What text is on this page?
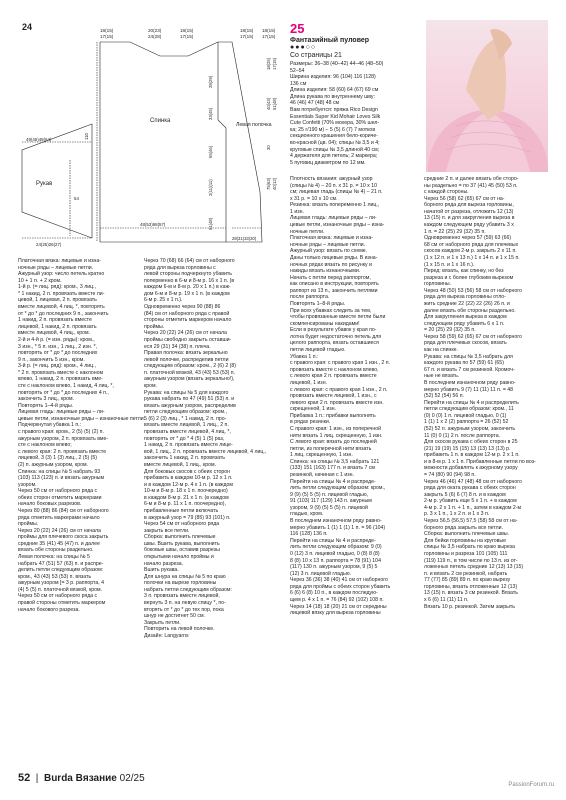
24	18(15)
17(15)
20(23)
24(28)
18(15)
17(15)
18(15)
17(15)
18(15)
17(15)
Рукав
49(46)48(64)
24(25)26(27)
54
Спинка
110
48(53)58(57)
28(29)
33(45)
65(46)
2(11)(11)
51(48)
Левая полочка
28(31)33(30)
18(25) 17(15)
40(43) 51(48)
30
75(63) 40(12)
Платочная вязка: лицевые и изна-
ночные ряды – лицевые петли.
Ажурный узор: число петель кратно
10 + 1 п. + 2 кром.
1-й р. (= лиц. ряд): кром., 3 лиц.,
* 1 накид, 2 п. провязать вместе ли-
цевой, 1 лицевая, 2 п. провязать
вместе лицевой, 4 лиц. *, повторять
от * до * до последних 9 п., закончить
1 накид, 2 п. провязать вместе
лицевой, 1 накид, 2 п. провязать
вместе лицевой, 4 лиц., кром.
2-й и 4-й р. (= изн. ряды): кром.,
3 изн., * 5 п. изн., 1 лиц., 2 изн. *,
повторять от * до * до последних
9 п., закончить 5 изн., кром.
3-й р. (= лиц. ряд): кром., 4 лиц.,
* 2 п. провязать вместе с наклоном
влево, 1 накид, 2 п. провязать вме-
сте с наклоном влево, 1 накид, 4 лиц. *,
повторять от * до * до последних 4 п.,
закончить 3 лиц., кром.
Повторять 1–4-й ряды.
Лицевая гладь: лицевые ряды – ли-
цевые петли, изнаночные ряды – изнаночные петли.
Подчеркнутая убавка 1 п.:
с правого края: кром., 2 (5) (5) (2) п.
ажурным узором, 2 п. провязать вме-
сте с наклоном влево;
с левого края: 2 п. провязать вместе
лицевой, 3 (3) 1 (3) лиц., 2 (5) (5)
(2) п. ажурным узором, кром.
Спинка: на спицы № 5 набрать 93
(103) 113 (123) п. и вязать ажурным
узором.
Через 50 см от наборного ряда с
обеих сторон отметить маркерами
начало боковых разрезов.
Через 80 (88) 86 (84) см от наборного
ряда отметить маркерами начало
проймы.
Через 20 (22) 24 (26) см от начала
проймы для плечевого скоса закрыть
средние 35 (41) 45 (47) п. и далее
вязать обе стороны раздельно.
Левая полочка: на спицы № 5
набрать 47 (51) 57 (63) п. и распре-
делить петли следующим образом:
кром., 43 (43) 53 (53) п. вязать
ажурным узором [= 3 p. раппорта, 4
(4) 5 (5) п. платочной вязкой, кром.
Через 50 см от наборного ряда с
правой стороны отметить маркером
начало бокового разреза.
Через 70 (68) 66 (64) см от наборного
ряда для выреза горловины с
левой стороны подчеркнуто убавить
поперменно в 6-м и 8-м р. 16 х 1 п. (в
каждом 6-м и 8-м р. 20 х 1 п.) в каж-
дом 6-м и 8-м р. 19 х 1 п. (в каждом
6-м р. 25 х 1 п.).
Одновременно через 90 (88) 86
(84) см от наборного ряда с правой
стороны отметить маркером начало
проймы.
Через 20 (22) 24 (26) см от начала
проймы свободно закрыть оставши-
еся 29 (31) 34 (38) п. плеча.
Правая полочка: вязать зеркально
левой полочке, распределив петли
следующим образом: кром., 2 (6) 2 (8)
п. платочной вязкой, 43 (43) 53 (53) п.
ажурным узором (вязать зеркально!),
кром.
Рукава: на спицы № 5 для каждого
рукава набрать по 47 (49) 51 (53) п. и
вязать ажурным узором, распределив
петли следующим образом: кром.,
5 (6) 2 (3) лиц., * 1 накид, 2 п. про-
вязать вместе лицевой, 1 лиц., 2 п.
провязать вместе лицевой, 4 лиц. *,
повторять от * до * 4 (5) 1 (5) раз,
1 накид, 2 п. провязать вместе лице-
вой, 1 лиц., 2 п. провязать вместе лицевой, 4 лиц.,
закончить 1 накид, 2 п. провязать
вместе лицевой, 1 лиц., кром.
Для боковых скосов с обеих сторон
прибавить в каждом 10-м р. 12 х 1 п.
и в каждом 12-м р. 4 х 1 п. (в каждом
10-м и 8-м р. 18 х 1 п. поочередно)
в каждом 8-м р. 21 х 1 п. (в каждом
6-м и 8-м р. 11 х 1 п. поочередно),
прибавленные петли включать
в ажурный узор = 79 (85) 93 (101) п.
Через 54 см от наборного ряда
закрыть все петли.
Сборка: выполнить плечевые
швы. Вшить рукава, выполнить
боковые швы, оставив разрезы
открытыми начало проймы и
начало разреза.
Вшить рукава.
Для шнура на спицы № 5 по краю
полочки на вырезе горловины
набрать петли следующим образом:
3 п. провязать вместе лицевой,
вернуть 3 п. на левую спицу *, по-
вторять от * до * до тех пор, пока
шнур не достигнет 50 см.
Закрыть петли.
Повторить на левой полочке.
Дизайн: Langyarns
25
Фантазийный пуловер
●●●○○
Со страницы 21
Размеры: 36–38 (40–42) 44–46 (48–50)
52–54
Ширина изделия: 96 (104) 116 (128)
136 см
Длина изделия: 58 (60) 64 (67) 69 см
Длина рукава по внутреннему шву:
46 (46) 47 (48) 48 см
Вам потребуется: пряжа Rico Design
Essentials Super Kid Mohair Loves Silk
Cute Confetti (70% мохера, 30% шел-
ка; 25 г/190 м) – 5 (5) 6 (7) 7 мотков
секционного крашения бело-кориче-
во-красной (цв. 04); спицы № 3,5 и 4;
круговые спицы № 3,5 длиной 40 см;
4 держателя для петель; 2 маркера;
5 пуговиц диаметром по 12 мм.
Плотность вязания: ажурный узор
(спицы № 4) – 20 п. х 31 р. = 10 х 10
см; лицевая гладь (спицы № 4) – 21 п.
х 31 р. = 10 х 10 см.
Резинка: вязать попеременно 1 лиц.,
1 изн.
Лицевая гладь: лицевые ряды – ли-
цевые петли, изнаночные ряды – изна-
ночные петли.
Платочная вязка: лицевые и изна-
ночные ряды – лицевые петли.
Ажурный узор: вязать по схеме.
Даны только лицевые ряды. В изна-
ночных рядах вязать по рисунку и
накиды вязать изнаночными.
Начать с петли перед раппортом,
как описано в инструкции, повторять
раппорт из 13 п., закончить петлями
после раппорта.
Повторять 1–8-й ряды.
При всех убавках следить за тем,
чтобы провязанные вместе петли были
скомпенсированы накидами!
Если в результате убавок у края по-
лотна будет недостаточно петель для
целого раппорта, вязать оставшиеся
петли лицевой гладью.
Убавка 1 п.:
с правого края: с правого края 1 изн., 2 п.
провязать вместе с наклоном влево,
с левого края 2 п. провязать вместе
лицевой, 1 изн.
с левого края: с правого края 1 изн., 2 п.
провязать вместе лицевой, 1 изн., с
левого края 2 п. провязать вместе изн.
скрещенной, 1 изн.
Прибавка 1 п.: прибавки выполнять
в рядах резинки.
С правого края: 1 изн., из поперечной
нити вязать 1 лиц. скрещенную, 1 изн.
С левого края: вязать до последней
петли, из поперечной нити вязать
1 лиц. скрещенную, 1 изн.
Спинка: на спицы № 3,5 набрать 121
(133) 151 (163) 177 п. и вязать 7 см
резинкой, начиная с 1 изн.
Перейти на спицы № 4 и распреде-
лить петли следующим образом: кром.,
9 (9) (5) 5 (5) п. лицевой гладью,
91 (103) 117 (129) 143 п. ажурным
узором, 9 (9) (5) 5 (5) п. лицевой
гладью, кром.
В последнем изнаночном ряду равно-
мерно убавить 1 (1) 1 (1) 1 п. = 96 (104)
116 (128) 136 п.
Перейти на спицы № 4 и распреде-
лить петли следующим образом: 9 (0)
0 (12) 3 п. лицевой гладью, 0 (8) 8 (8)
8 (8) 10 х 13 п. раппорта = 78 (91) 104
(117) 130 п. ажурным узором, 9 (5) 5
(12) 3 п. лицевой гладью.
Через 36 (36) 38 (40) 41 см от наборного
ряда для проймы с обеих сторон убавить
6 (6) 6 (8) 10 п., в каждом последую-
щем р. 4 х 1 п. = 76 (84) 92 (102) 108 п.
Через 14 (18) 18 (20) 21 см от середины
лицевой вязку для выреза горловины
средние 2 п. и далее вязать обе сторо-
ны раздельно = по 37 (41) 45 (50) 53 п.
с каждой стороны.
Через 56 (58) 62 (65) 67 см от на-
борного ряда для выреза горловины,
начатой от разреза, отложить 12 (13)
13 (15) п. и для закругления выреза в
каждом следующем ряду убавить 3 х
1 п. = 22 (25) 29 (32) 35 п.
Одновременно через 57 (59) 63 (66)
68 см от наборного ряда для плечевых
скосов каждом 2-м р. закрыть 2 х 11 п.
(1 х 12 п. и 1 х 13 п.) 1 х 14 п. и 1 х 15 п.
(1 х 15 п. и 1 х 16 п.).
Перед: вязать, как спинку, но без
разреза и с более глубоким вырезом
горловины.
Через 48 (50) 53 (56) 58 см от наборного
ряда для выреза горловины отло-
жить средние 22 (22) 22 (26) 26 п. и
далее вязать обе стороны раздельно.
Для закругления выреза в каждом
следующем ряду убавить 6 х 1 п.
= 20 (25) 29 (32) 35 п.
Через 58 (59) 62 (65) 67 см от наборного
ряда для плечевых скосов, вязать
как на спинке.
Рукава: на спицы № 3,5 набрать для
каждого рукава по 57 (59) 61 (65)
67 п. и вязать 7 см резинкой. Кромоч-
ные не вязать.
В последнем изнаночном ряду равно-
мерно убавить 9 (7) 11 (11) 11 п. = 48
(52) 52 (54) 56 п.
Перейти на спицы № 4 и распределить
петли следующим образом: кром., 11
(0) 0 (0) 1 п. лицевой гладью, 0 (1)
1 (1) 1 х 2 (2) раппорта = 26 (52) 52
(52) 52 п. ажурным узором, закончить
11 (0) 0 (1) 2 п. после раппорта.
Для скосов рукава с обеих сторон в 25
(21) 19 (19) 15 (15) 13 (13) 13 (13) р.
прибавить 1 п. в каждом 12-м р. 2 х 1 п.
и в 8-м р. 1 х 1 п. Прибавленные петли по воз-
можности добавлять к ажурному узору
= 74 (80) 90 (94) 98 п.
Через 46 (46) 47 (48) 48 см от наборного
ряда для оката рукава с обеих сторон
закрыть 5 (6) 6 (7) 8 п. и в каждом
2-м р. убавить еще 5 х 1 п. + в каждом
4-м р. 2 х 1 п. + 1 п., затем в каждом 2-м
р. 3 х 1 п., 1 х 2 п. и 1 х 3 п.
Через 56,5 (56,5) 57,5 (58) 58 см от на-
борного ряда закрыть все петли.
Сборка: выполнить плечевые швы.
Для бейки горловины на круговые
спицы № 3,5 набрать по краю выреза
горловины и разреза 101 (105) 111
(119) 119 п., в том числе по 13 п. из от-
ложенных петель средние 12 (13) 13 (15)
п. и вязать 2 см резинкой, набрать
77 (77) 85 (89) 89 п. по краю вырезу
горловины, вязать отложенные 12 (13)
13 (15) п. вязать 3 см резинкой. Вязать
х 6 (6) 11 (11) 11 п.
Вязать 10 р. резинкой. Затем закрыть
52  |  Burda Вязание 02/25
PassionForum.ru
